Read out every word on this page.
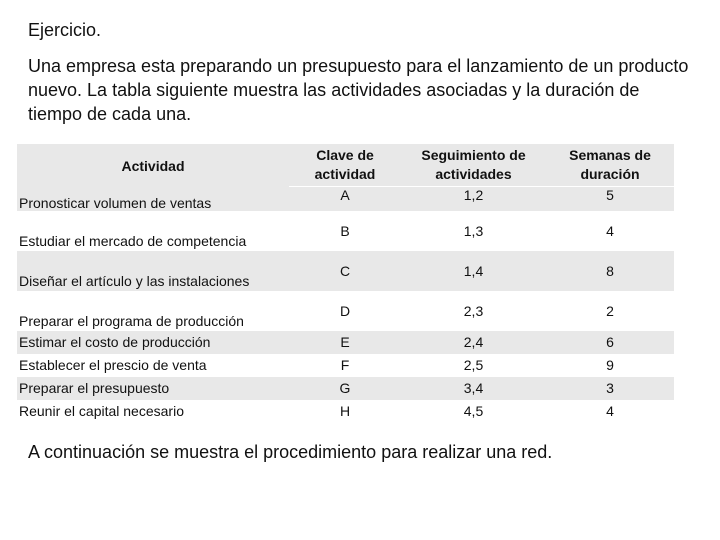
Ejercicio.
Una empresa esta preparando un presupuesto para el lanzamiento de un producto nuevo. La tabla siguiente muestra las actividades asociadas y la duración de tiempo de cada una.
Actividad	Clave de actividad	Seguimiento de actividades	Semanas de duración
Pronosticar volumen de ventas	A	1,2	5
Estudiar el mercado de competencia	B	1,3	4
Diseñar el artículo y las instalaciones	C	1,4	8
Preparar el programa de producción	D	2,3	2
Estimar el costo de producción	E	2,4	6
Establecer el prescio de venta	F	2,5	9
Preparar el presupuesto	G	3,4	3
Reunir el capital necesario	H	4,5	4
A continuación se muestra el procedimiento para realizar una red.
